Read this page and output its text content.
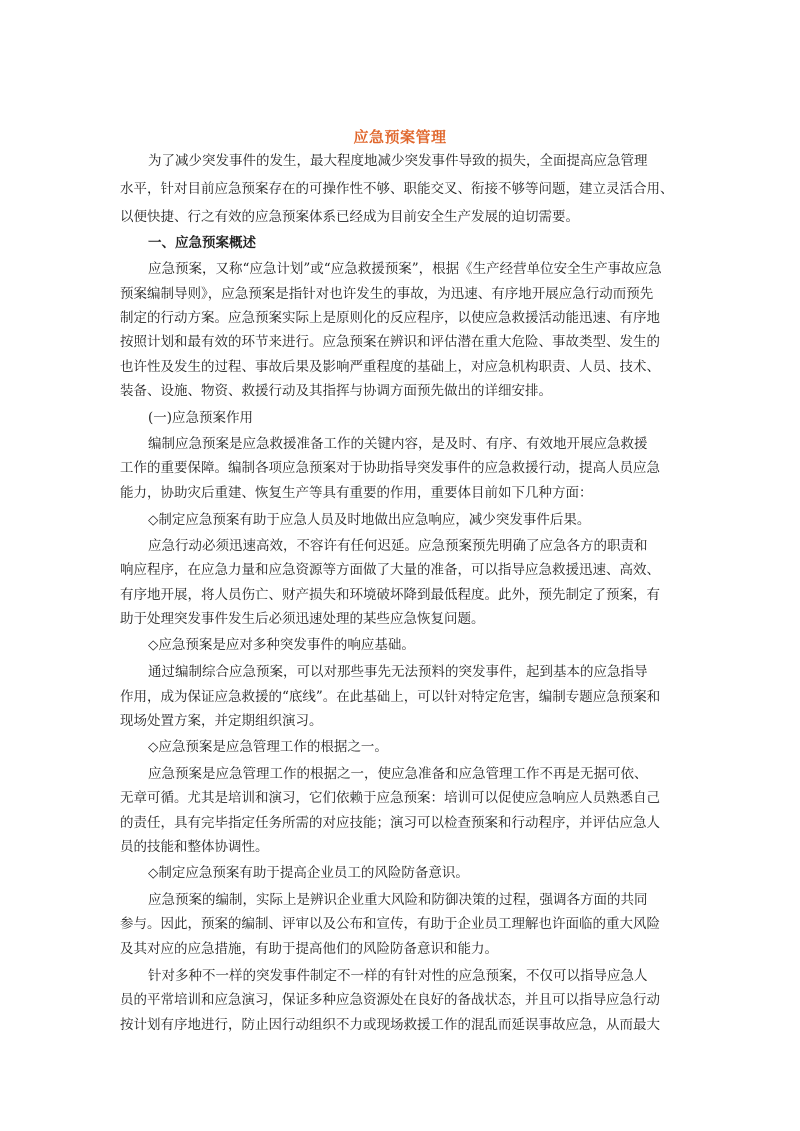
应急预案管理
为了减少突发事件的发生，最大程度地减少突发事件导致的损失，全面提高应急管理
水平，针对目前应急预案存在的可操作性不够、职能交叉、衔接不够等问题，建立灵活合用、
以便快捷、行之有效的应急预案体系已经成为目前安全生产发展的迫切需要。
一、应急预案概述
应急预案，又称“应急计划”或“应急救援预案”，根据《生产经营单位安全生产事故应急
预案编制导则》，应急预案是指针对也许发生的事故，为迅速、有序地开展应急行动而预先
制定的行动方案。应急预案实际上是原则化的反应程序，以使应急救援活动能迅速、有序地
按照计划和最有效的环节来进行。应急预案在辨识和评估潜在重大危险、事故类型、发生的
也许性及发生的过程、事故后果及影响严重程度的基础上，对应急机构职责、人员、技术、
装备、设施、物资、救援行动及其指挥与协调方面预先做出的详细安排。
(一)应急预案作用
编制应急预案是应急救援准备工作的关键内容，是及时、有序、有效地开展应急救援
工作的重要保障。编制各项应急预案对于协助指导突发事件的应急救援行动，提高人员应急
能力，协助灾后重建、恢复生产等具有重要的作用，重要体目前如下几种方面：
◇制定应急预案有助于应急人员及时地做出应急响应，减少突发事件后果。
应急行动必须迅速高效，不容许有任何迟延。应急预案预先明确了应急各方的职责和
响应程序，在应急力量和应急资源等方面做了大量的准备，可以指导应急救援迅速、高效、
有序地开展，将人员伤亡、财产损失和环境破坏降到最低程度。此外，预先制定了预案，有
助于处理突发事件发生后必须迅速处理的某些应急恢复问题。
◇应急预案是应对多种突发事件的响应基础。
通过编制综合应急预案，可以对那些事先无法预料的突发事件，起到基本的应急指导
作用，成为保证应急救援的“底线”。在此基础上，可以针对特定危害，编制专题应急预案和
现场处置方案，并定期组织演习。
◇应急预案是应急管理工作的根据之一。
应急预案是应急管理工作的根据之一，使应急准备和应急管理工作不再是无据可依、
无章可循。尤其是培训和演习，它们依赖于应急预案：培训可以促使应急响应人员熟悉自己
的责任，具有完毕指定任务所需的对应技能；演习可以检查预案和行动程序，并评估应急人
员的技能和整体协调性。
◇制定应急预案有助于提高企业员工的风险防备意识。
应急预案的编制，实际上是辨识企业重大风险和防御决策的过程，强调各方面的共同
参与。因此，预案的编制、评审以及公布和宣传，有助于企业员工理解也许面临的重大风险
及其对应的应急措施，有助于提高他们的风险防备意识和能力。
针对多种不一样的突发事件制定不一样的有针对性的应急预案，不仅可以指导应急人
员的平常培训和应急演习，保证多种应急资源处在良好的备战状态，并且可以指导应急行动
按计划有序地进行，防止因行动组织不力或现场救援工作的混乱而延误事故应急，从而最大
